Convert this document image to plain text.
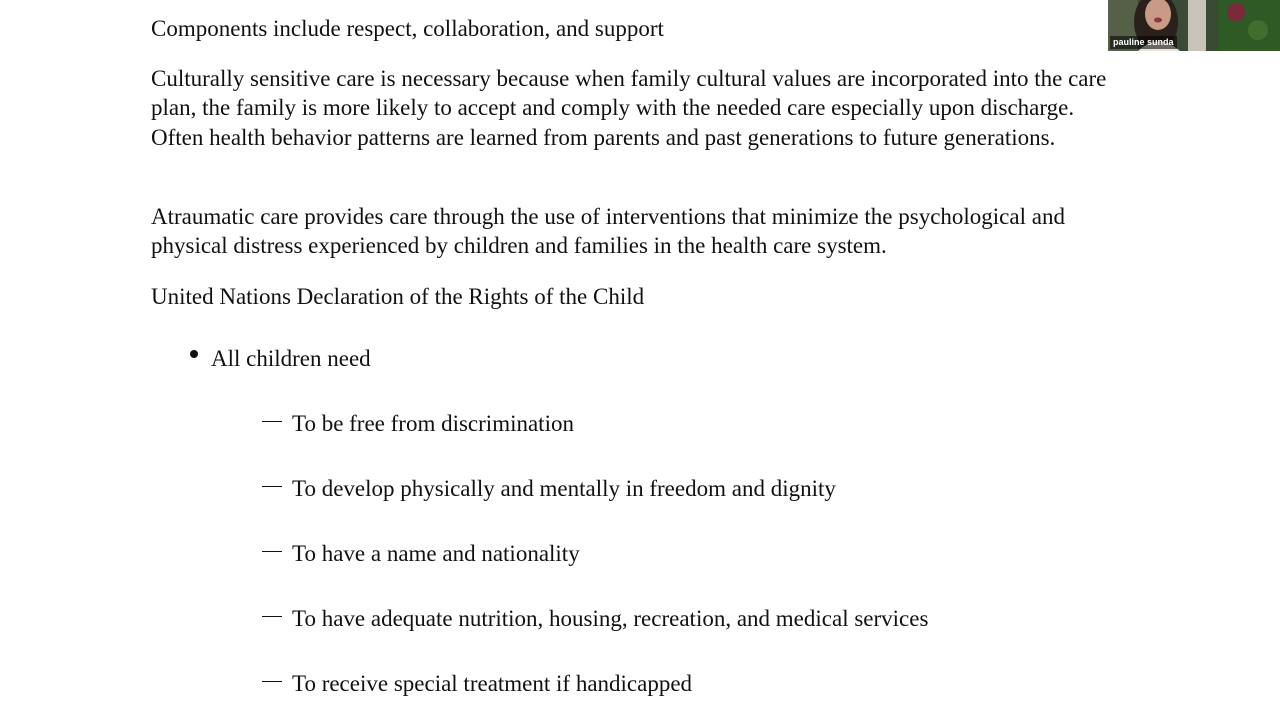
Components include respect, collaboration, and support

Culturally sensitive care is necessary because when family cultural values are incorporated into the care plan, the family is more likely to accept and comply with the needed care especially upon discharge. Often health behavior patterns are learned from parents and past generations to future generations.

Atraumatic care provides care through the use of interventions that minimize the psychological and physical distress experienced by children and families in the health care system.

United Nations Declaration of the Rights of the Child

All children need
To be free from discrimination
To develop physically and mentally in freedom and dignity
To have a name and nationality
To have adequate nutrition, housing, recreation, and medical services
To receive special treatment if handicapped
pauline sunda
